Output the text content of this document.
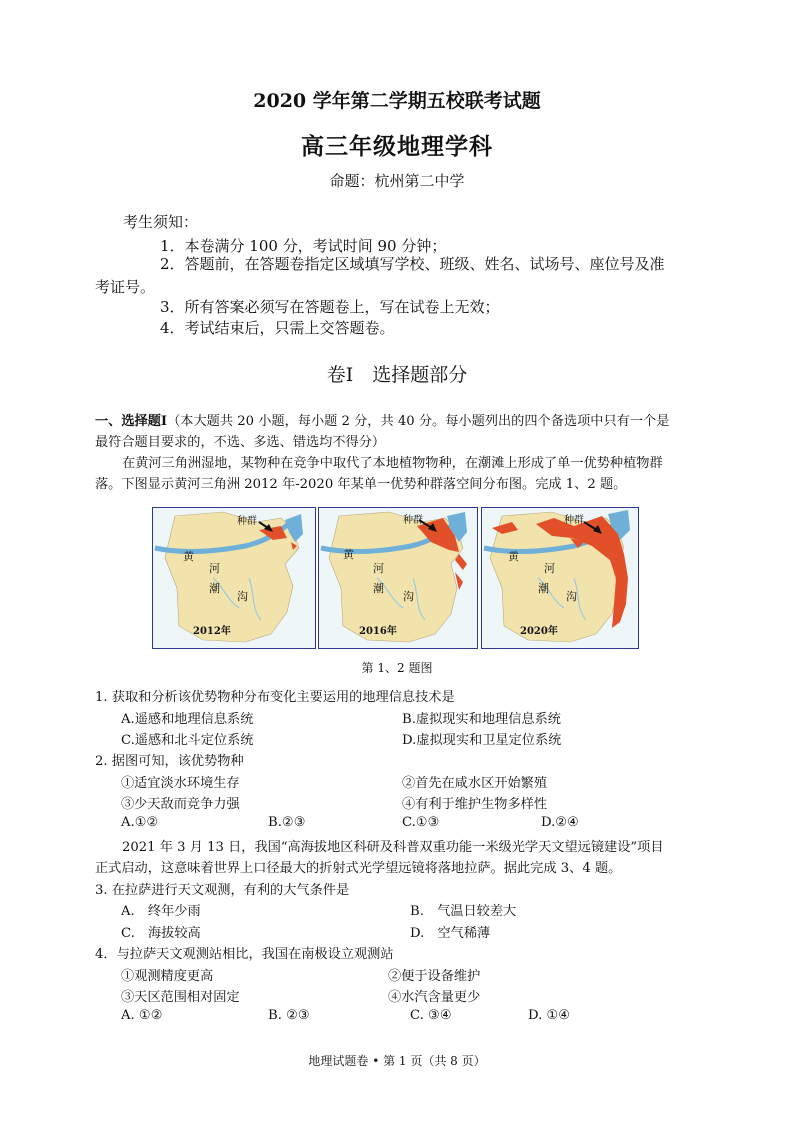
2020 学年第二学期五校联考试题
高三年级地理学科
命题：杭州第二中学
考生须知：
1．本卷满分 100 分，考试时间 90 分钟；
2．答题前，在答题卷指定区域填写学校、班级、姓名、试场号、座位号及准
考证号。
3．所有答案必须写在答题卷上，写在试卷上无效；
4．考试结束后，只需上交答题卷。
卷Ⅰ　选择题部分
一、选择题Ⅰ（本大题共 20 小题，每小题 2 分，共 40 分。每小题列出的四个备选项中只有一个是
最符合题目要求的，不选、多选、错选均不得分）
在黄河三角洲湿地，某物种在竞争中取代了本地植物物种，在潮滩上形成了单一优势种植物群
落。下图显示黄河三角洲 2012 年-2020 年某单一优势种群落空间分布图。完成 1、2 题。
种群
黄
河
潮
沟
2012年
种群
黄
河
潮
沟
2016年
种群
黄
河
潮
沟
2020年
第 1、2 题图
1. 获取和分析该优势物种分布变化主要运用的地理信息技术是
A.遥感和地理信息系统	B.虚拟现实和地理信息系统
C.遥感和北斗定位系统	D.虚拟现实和卫星定位系统
2. 据图可知，该优势物种
①适宜淡水环境生存	②首先在咸水区开始繁殖
③少天敌而竞争力强	④有利于维护生物多样性
A.①②	B.②③	C.①③	D.②④
2021 年 3 月 13 日，我国“高海拔地区科研及科普双重功能一米级光学天文望远镜建设”项目
正式启动，这意味着世界上口径最大的折射式光学望远镜将落地拉萨。据此完成 3、4 题。
3. 在拉萨进行天文观测，有利的大气条件是
A.　终年少雨	B.　气温日较差大
C.　海拔较高	D.　空气稀薄
4．与拉萨天文观测站相比，我国在南极设立观测站
①观测精度更高	②便于设备维护
③天区范围相对固定	④水汽含量更少
A. ①②	B. ②③	C. ③④	D. ①④
地理试题卷 • 第 1 页（共 8 页）
